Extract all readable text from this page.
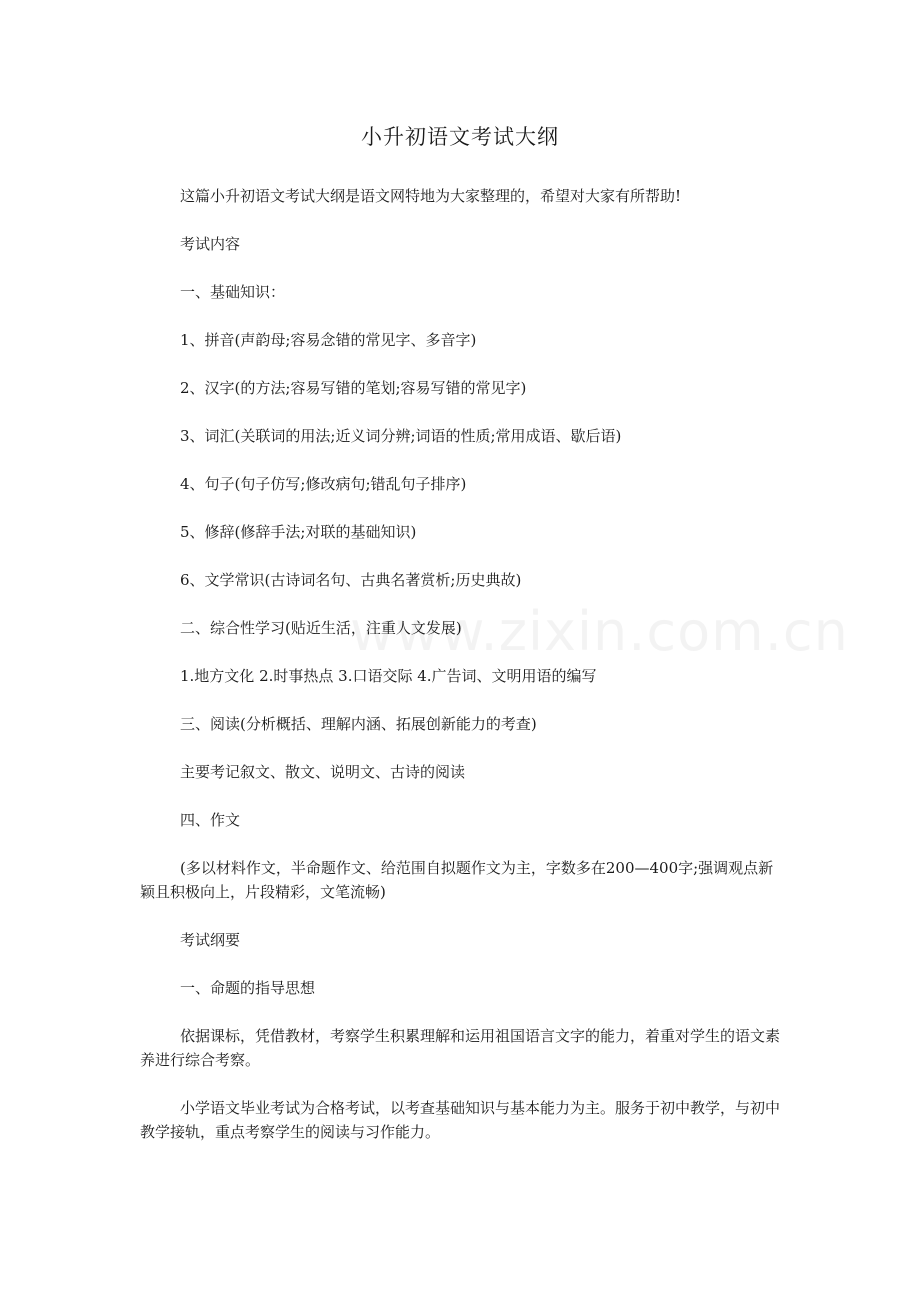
小升初语文考试大纲

这篇小升初语文考试大纲是语文网特地为大家整理的，希望对大家有所帮助!

考试内容

一、基础知识：

1、拼音(声韵母;容易念错的常见字、多音字)

2、汉字(的方法;容易写错的笔划;容易写错的常见字)

3、词汇(关联词的用法;近义词分辨;词语的性质;常用成语、歇后语)

4、句子(句子仿写;修改病句;错乱句子排序)

5、修辞(修辞手法;对联的基础知识)

6、文学常识(古诗词名句、古典名著赏析;历史典故)

二、综合性学习(贴近生活，注重人文发展)

1.地方文化 2.时事热点 3.口语交际 4.广告词、文明用语的编写

三、阅读(分析概括、理解内涵、拓展创新能力的考查)

主要考记叙文、散文、说明文、古诗的阅读

四、作文

(多以材料作文，半命题作文、给范围自拟题作文为主，字数多在200—400字;强调观点新颖且积极向上，片段精彩，文笔流畅)

考试纲要

一、命题的指导思想

依据课标，凭借教材，考察学生积累理解和运用祖国语言文字的能力，着重对学生的语文素养进行综合考察。

小学语文毕业考试为合格考试，以考查基础知识与基本能力为主。服务于初中教学，与初中教学接轨，重点考察学生的阅读与习作能力。
